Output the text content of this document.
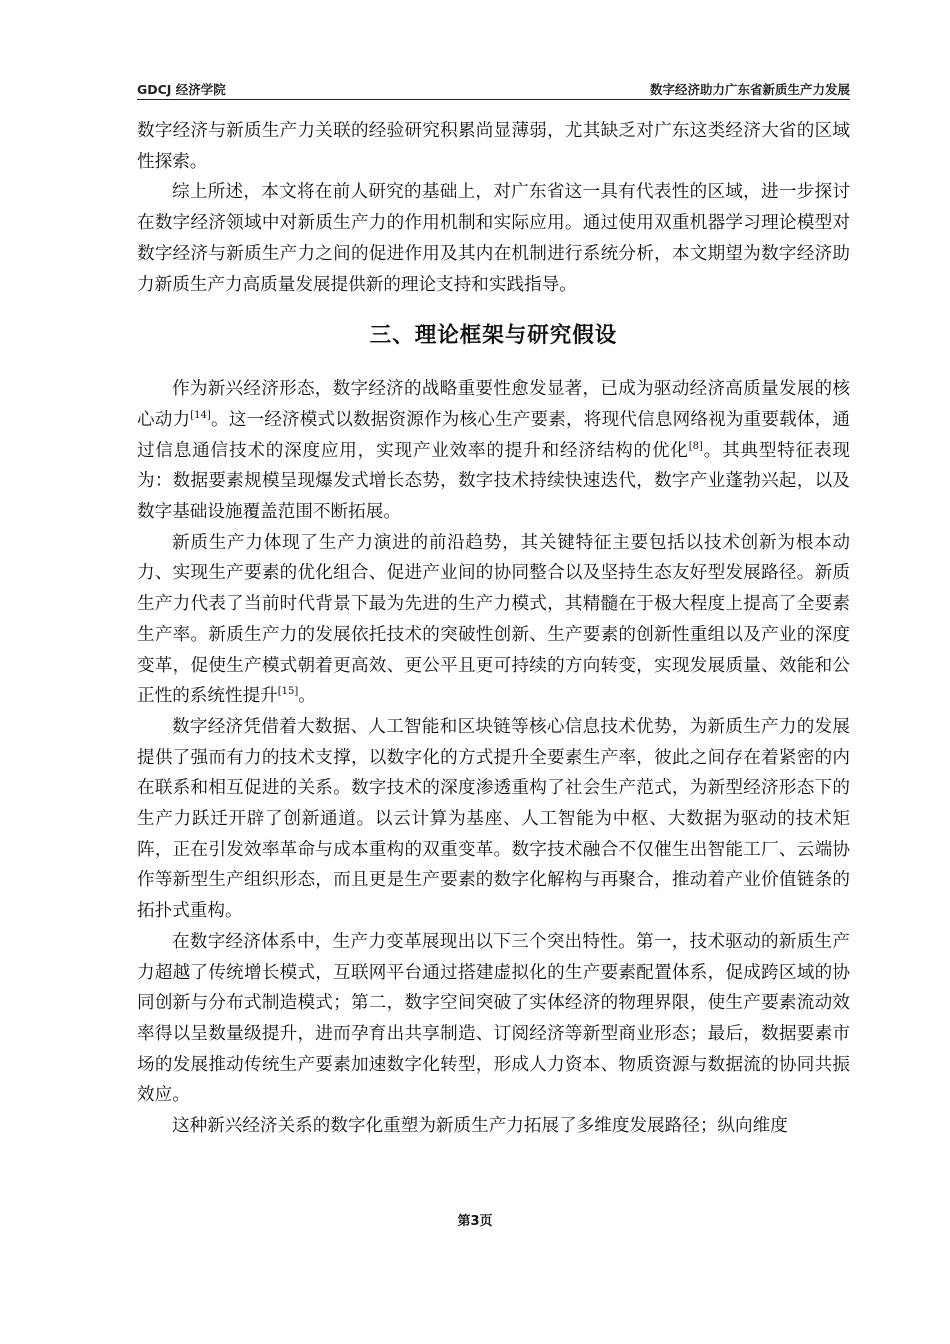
GDCJ 经济学院	数字经济助力广东省新质生产力发展

数字经济与新质生产力关联的经验研究积累尚显薄弱，尤其缺乏对广东这类经济大省的区域性探索。

综上所述，本文将在前人研究的基础上，对广东省这一具有代表性的区域，进一步探讨在数字经济领域中对新质生产力的作用机制和实际应用。通过使用双重机器学习理论模型对数字经济与新质生产力之间的促进作用及其内在机制进行系统分析，本文期望为数字经济助力新质生产力高质量发展提供新的理论支持和实践指导。

三、理论框架与研究假设

作为新兴经济形态，数字经济的战略重要性愈发显著，已成为驱动经济高质量发展的核心动力[14]。这一经济模式以数据资源作为核心生产要素，将现代信息网络视为重要载体，通过信息通信技术的深度应用，实现产业效率的提升和经济结构的优化[8]。其典型特征表现为：数据要素规模呈现爆发式增长态势，数字技术持续快速迭代，数字产业蓬勃兴起，以及数字基础设施覆盖范围不断拓展。

新质生产力体现了生产力演进的前沿趋势，其关键特征主要包括以技术创新为根本动力、实现生产要素的优化组合、促进产业间的协同整合以及坚持生态友好型发展路径。新质生产力代表了当前时代背景下最为先进的生产力模式，其精髓在于极大程度上提高了全要素生产率。新质生产力的发展依托技术的突破性创新、生产要素的创新性重组以及产业的深度变革，促使生产模式朝着更高效、更公平且更可持续的方向转变，实现发展质量、效能和公正性的系统性提升[15]。

数字经济凭借着大数据、人工智能和区块链等核心信息技术优势，为新质生产力的发展提供了强而有力的技术支撑，以数字化的方式提升全要素生产率，彼此之间存在着紧密的内在联系和相互促进的关系。数字技术的深度渗透重构了社会生产范式，为新型经济形态下的生产力跃迁开辟了创新通道。以云计算为基座、人工智能为中枢、大数据为驱动的技术矩阵，正在引发效率革命与成本重构的双重变革。数字技术融合不仅催生出智能工厂、云端协作等新型生产组织形态，而且更是生产要素的数字化解构与再聚合，推动着产业价值链条的拓扑式重构。

在数字经济体系中，生产力变革展现出以下三个突出特性。第一，技术驱动的新质生产力超越了传统增长模式，互联网平台通过搭建虚拟化的生产要素配置体系，促成跨区域的协同创新与分布式制造模式；第二，数字空间突破了实体经济的物理界限，使生产要素流动效率得以呈数量级提升，进而孕育出共享制造、订阅经济等新型商业形态；最后，数据要素市场的发展推动传统生产要素加速数字化转型，形成人力资本、物质资源与数据流的协同共振效应。

这种新兴经济关系的数字化重塑为新质生产力拓展了多维度发展路径；纵向维度

第3页
